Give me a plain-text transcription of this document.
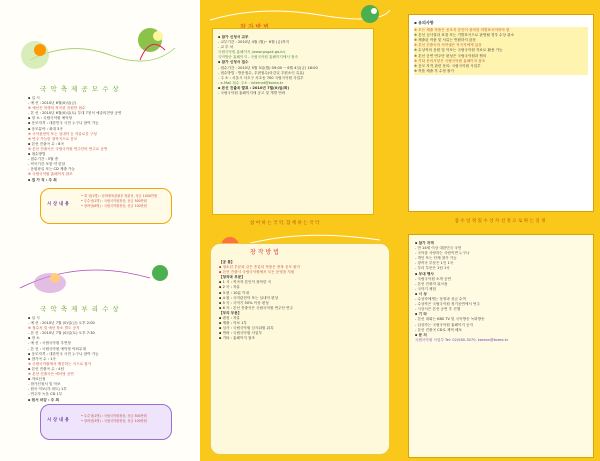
국 악 축 제 공 모 수 상
▪ 일 시
- 예 선 : 2010년 6월(0)일(금)
※ 예선은 학생의 작곡한 음원만 접수
- 본 선 : 2010년 6월(0)일(토) 부대 7천석 예술의전당 공연
▪ 장 소 : 국립국악원 예악당
▪ 응모자격 : 대한민국 국민 누구나 참여 가능
▪ 응모분야 : 최대 3곡
※ 국악관현악 또는 실내악 등 자유로운 구성
※ 연주 가능한 창작곡으로 응모
▪ 본선 진출곡 수 : 8곡
※ 본선 진출곡은 국립국악원 연주단의 연주로 공연
▪ 접수방법
- 접수기간 : 5월 중
- 작곡기간 포함 약 한달
- 음원파일 또는 CD 제출 가능
※ 국립국악원 홈페이지 참조
▪ 접 가 직 : 주 최
시 상 내 용
• 대 상(1명) : 문화체육관광부 장관상, 상금 1000만원
• 우수상(1명) : 국립국악원장상, 상금 500만원
• 장려상(6명) : 국립국악원장상, 상금 100만원
국 악 축 제 부 리 수 상
▪ 일 시
- 예 선 : 2010년 7월 (0)일(금) 오후 2:00
※ 접수처 및 예선 장소 별도 공지
- 본 선 : 2010년 7월 (0)일(토) 오후 7:30
▪ 장 소
- 예 선 : 국립국악원 우면당
- 본 선 : 국립국악원 예악당 야외무대
▪ 응모자격 : 대한민국 국민 누구나 참여 가능
▪ 참가곡 수 : 1곡
※ 국립국악원에서 제공하는 곡으로 참가
▪ 본선 진출곡 수 : 4팀
※ 본선 진출곡은 예악당 공연
▪ 자료신청
- 참가신청서 및 악보
- 원곡 악보(각 파트) 1부
- 연주자 녹음 CD 1부
▪ 원서 마감 : 주 최
시 상 내 용
• 우수상(1명) : 국립국악원장상, 상금 500만원
• 장려상(3명) : 국립국악원장상, 상금 100만원
▪ 참가 신청서 교부
- 교부기간 : 2010년 4월 (월)~ 6월 (금)까지
- 교 부 처
국립국악원 홈페이지 (www.gugak.go.kr)
국악방송 홈페이지 - 국립국악원 홈페이지에서 접속
▪ 참가 신청서 접수
- 접수기간 : 2010년 5월 3일(월) 09:00 ~ 6월 4일(금) 18:00
- 접수방법 : 방문접수, 우편접수(마감일 우편소인 유효)
- 주 소 : 서울시 서초구 서초동 700 국립국악원 사업부
- e-Mail 접수 주소 : internat@korea.kr
▪ 본선 진출곡 발표 : 2010년 7월(0)일(화)
- 국립국악원 홈페이지에 공고 및 개별 연락
참 여 하 는 국 악, 함 께 하 는 국 악
【공 통】
▪ 청소년 부문과 같은 종류의 작품은 중복 응모 불가
▪ 본선 진출시 국립국악원에서 모든 운영을 지원
【창작곡 부문】
▪ 1 시 : 작곡자 본인이 창작한 곡
▪ 2 곡 : 자유
▪ 3 편 : 10분 이내
▪ 4 원 : 국악관현악 또는 실내악 편성
▪ 5 곡 : 국악기 50% 이상 편성
▪ 6 곡 : 본선 진출곡은 국립국악원 연주단 연주
【부리 부문】
▪ 편성 : 자유
▪ 제출 : 악보 1부
▪ 심사 : 국립국악원 심사위원 위촉
▪ 연락 : 국립국악원 사업부
▪ 기타 : 홈페이지 참조
창 작 방 법
▪ 유의사항
※ 모든 제출 작품은 응모자 본인이 창작한 미발표곡이어야 함
※ 본선 심사결과 표절 또는 기발표곡으로 판명될 경우 수상 취소
※ 제출된 작품 및 서류는 반환하지 않음
※ 본선 진출곡의 저작권은 작곡자에게 있음
※ 수상작의 음원 및 악보는 국립국악원 자료로 활용 가능
※ 본선 공연 연주단 편성은 국립국악원과 협의
※ 기타 문의사항은 국립국악원 홈페이지 참조
※ 응모 자격 관련 문의: 국립국악원 사업부
※ 작품 제출 후 수정 불가
접 수 일 정 및 수 상 자 선 정 으 로 하 는 일 정
▪ 참가 자격
- 만 14세 이상 대한민국 국민
- 국악을 사랑하는 사람이면 누구나
- 개인 또는 단체 참가 가능
- 창작곡 부문은 1인 1곡
- 부리 부문은 1팀 1곡
▪ 부대 행사
- 국립국악원 소개 공연
- 본선 진출자 워크숍
- 국악기 체험
▪ 시 상
- 수상자에게는 상장과 상금 수여
- 수상작은 국립국악원 정기공연에서 연주
- 시상식은 본선 공연 후 진행
▪ 기 타
- 본선 대회는 KBS TV 및 국악방송 녹화방송
- 입상자는 국립국악원 홈페이지 공지
- 본선 진출곡 CD로 제작 배포
▪ 문 의
국립국악원 사업부 Tel: 02)580-3070, korean@korea.kr
